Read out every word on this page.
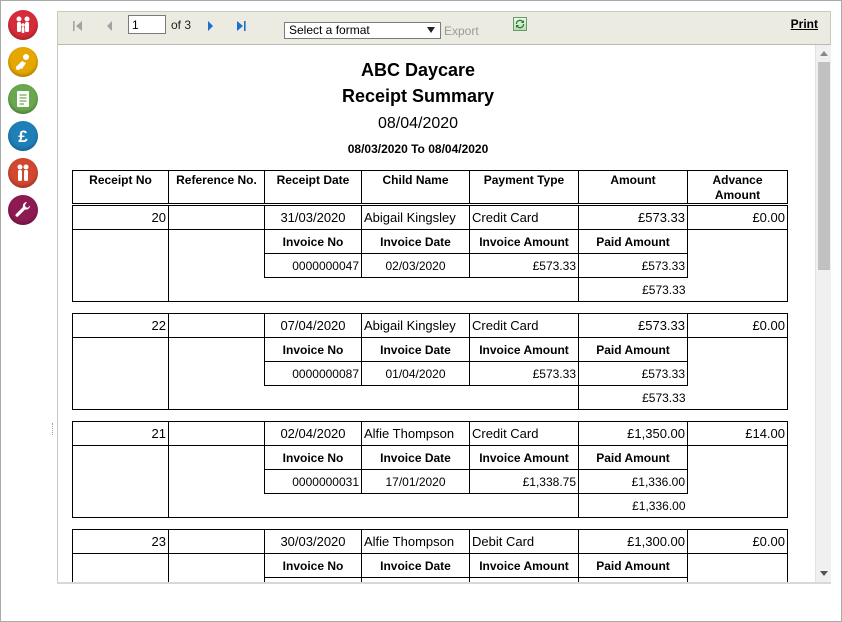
£
1
of 3	Select a format	Export	Print
ABC Daycare
Receipt Summary
08/04/2020
08/03/2020 To 08/04/2020
Receipt No	Reference No.	Receipt Date	Child Name	Payment Type	Amount	Advance Amount
20		31/03/2020	Abigail Kingsley	Credit Card	£573.33	£0.00
		Invoice No	Invoice Date	Invoice Amount	Paid Amount	
		0000000047	02/03/2020	£573.33	£573.33	
					£573.33	
22		07/04/2020	Abigail Kingsley	Credit Card	£573.33	£0.00
		Invoice No	Invoice Date	Invoice Amount	Paid Amount	
		0000000087	01/04/2020	£573.33	£573.33	
					£573.33	
21		02/04/2020	Alfie Thompson	Credit Card	£1,350.00	£14.00
		Invoice No	Invoice Date	Invoice Amount	Paid Amount	
		0000000031	17/01/2020	£1,338.75	£1,336.00	
					£1,336.00	
23		30/03/2020	Alfie Thompson	Debit Card	£1,300.00	£0.00
		Invoice No	Invoice Date	Invoice Amount	Paid Amount	
